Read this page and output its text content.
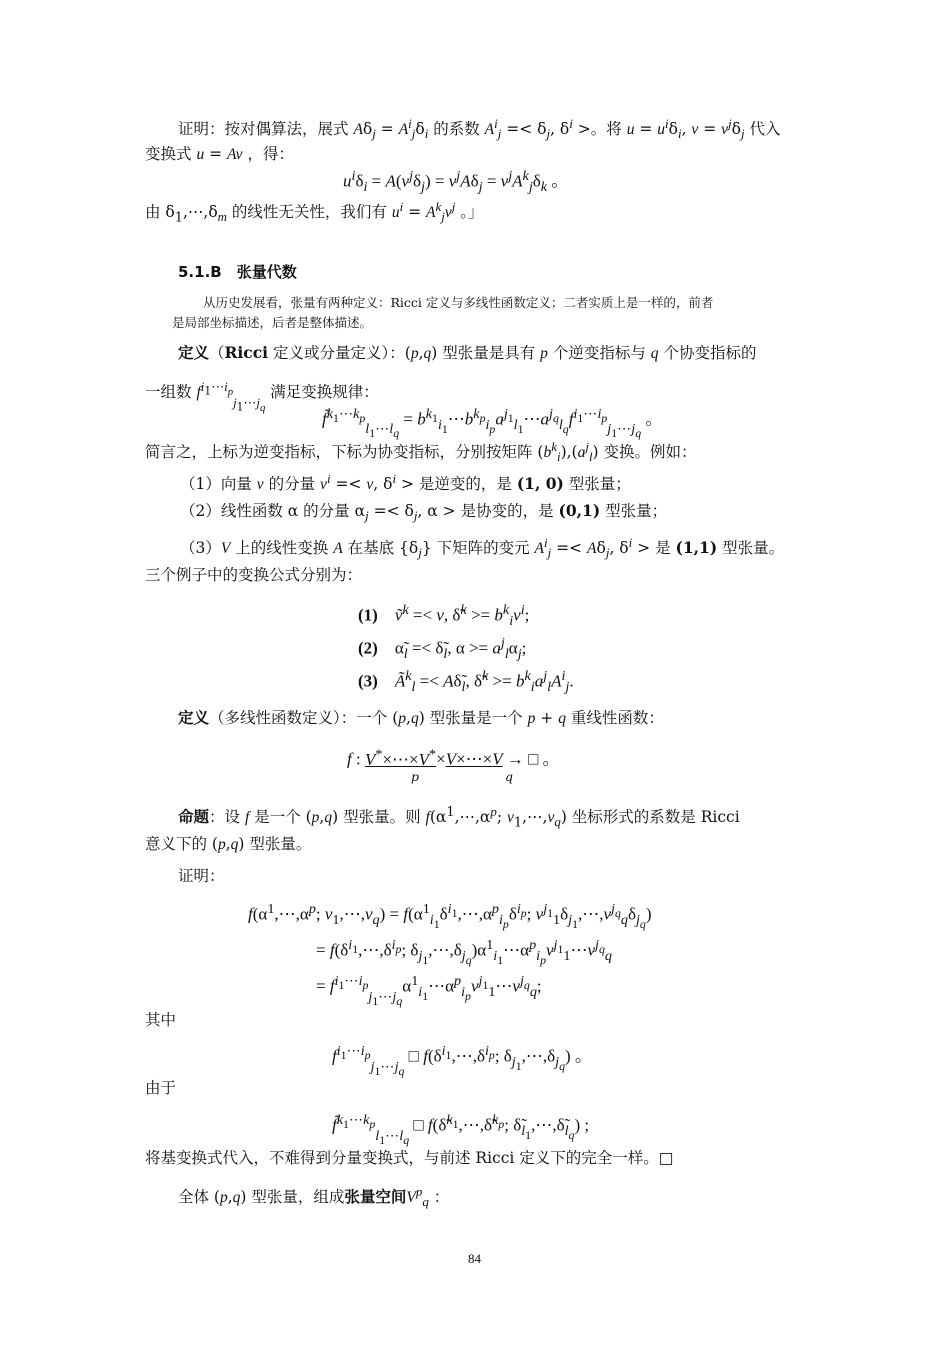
证明：按对偶算法，展式 $A\delta_j = A^i_j\delta_i$ 的系数 $A^i_j =< \delta_j$, $\delta^i$ >。将 $u = u^i\delta_i$, $v = v^j\delta_j$ 代入
变换式 u = Av ，得：
$u^i\delta_i = A(v^j\delta_j) = v^jA\delta_j = v^jA^k_j\delta_k$ 。
由 $\delta_1,\cdots,\delta_m$ 的线性无关性，我们有 $u^i = A^k_jv^j$ 。」
5.1.B　张量代数
从历史发展看，张量有两种定义：Ricci 定义与多线性函数定义；二者实质上是一样的，前者
是局部坐标描述，后者是整体描述。
定义（Ricci 定义或分量定义）：(p,q) 型张量是具有 p 个逆变指标与 q 个协变指标的
一组数 $f^{i_1\cdots i_p}_{j_1\cdots j_q}$ 满足变换规律：
f̃$^{k_1\cdots k_p}_{l_1\cdots l_q}$ = $b^{k_1}_{i_1}\cdots b^{k_p}_{i_p}a^{j_1}_{l_1}\cdots a^{j_q}_{l_q}f^{i_1\cdots i_p}_{j_1\cdots j_q}$ 。
简言之，上标为逆变指标，下标为协变指标，分别按矩阵 $(b^k_i),(a^j_l)$ 变换。例如：
（1）向量 v 的分量 $v^i =< v$, $\delta^i$ > 是逆变的，是 (1, 0) 型张量；
（2）线性函数 α 的分量 $\alpha_j =< \delta_j$, α > 是协变的，是 (0,1) 型张量；
（3）V 上的线性变换 A 在基底 $\{\delta_j\}$ 下矩阵的变元 $A^i_j =< A\delta_j$, $\delta^i$ > 是 (1,1) 型张量。
三个例子中的变换公式分别为：
(1)　 ṽ$^k$ =< v, δ̃$^k$ >= $b^k_iv^i$;
(2)　$\alphã_l$ =< $\deltã_l$, $\alpha >= a^j_l\alpha_j$;
(3)　 $Ã^k_l$ =< $A\deltã_l$, δ̃$^k$ >= $b^k_ia^j_lA^i_j$.
定义（多线性函数定义）：一个 (p,q) 型张量是一个 p + q 重线性函数：
f : V*×⋯×V*×V×⋯×V → □ 。
p	q
命题：设 f 是一个 (p,q) 型张量。则 $f(\alpha^1,\cdots,\alpha^p$; $v_1,\cdots,v_q$) 坐标形式的系数是 Ricci
意义下的 (p,q) 型张量。
证明：
$f(\alpha^1,\cdots,\alpha^p$; $v_1,\cdots,v_q$) = $f(\alpha^1_{i_1}\delta^{i_1},\cdots,\alpha^p_{i_p}\delta^{i_p}$; $v^{j_1}_1\delta_{j_1},\cdots,v^{j_q}_q\delta_{j_q}$)
= $f(\delta^{i_1},\cdots,\delta^{i_p}$; $\delta_{j_1},\cdots,\delta_{j_q})\alpha^1_{i_1}\cdots\alpha^p_{i_p}v^{j_1}_1\cdots v^{j_q}_q$
= $f^{i_1\cdots i_p}_{j_1\cdots j_q}\alpha^1_{i_1}\cdots\alpha^p_{i_p}v^{j_1}_1\cdots v^{j_q}_q$;
其中
$f^{i_1\cdots i_p}_{j_1\cdots j_q}$ □ $f(\delta^{i_1},\cdots,\delta^{i_p}$; $\delta_{j_1},\cdots,\delta_{j_q}$) 。
由于
f̃$^{k_1\cdots k_p}_{l_1\cdots l_q}$ □ f(δ̃$^{k_1}$,⋯,δ̃$^{k_p}$; $\deltã_{l_1},\cdots,\deltã_{l_q}$) ;
将基变换式代入，不难得到分量变换式，与前述 Ricci 定义下的完全一样。□
全体 (p,q) 型张量，组成张量空间$V^p_q$ ：
84
